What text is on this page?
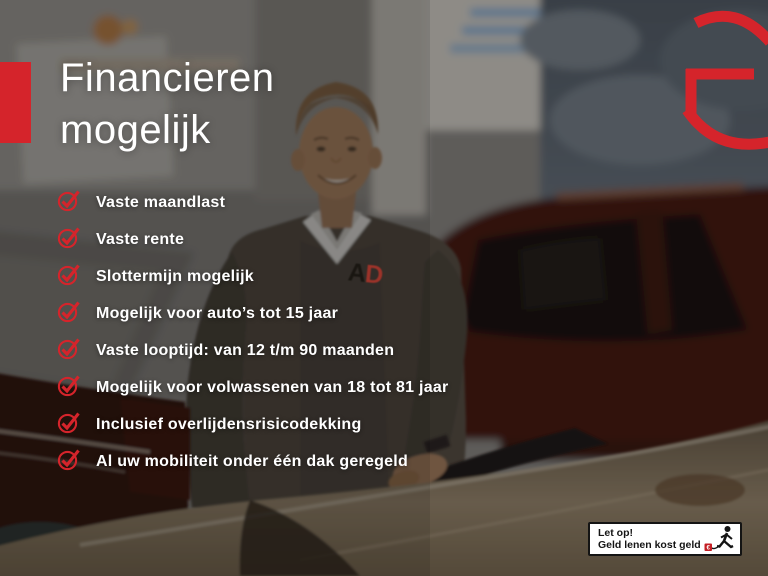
AD
Financieren
mogelijk
Vaste maandlast
Vaste rente
Slottermijn mogelijk
Mogelijk voor auto’s tot 15 jaar
Vaste looptijd: van 12 t/m 90 maanden
Mogelijk voor volwassenen van 18 tot 81 jaar
Inclusief overlijdensrisicodekking
Al uw mobiliteit onder één dak geregeld
Let op!
Geld lenen kost geld €
